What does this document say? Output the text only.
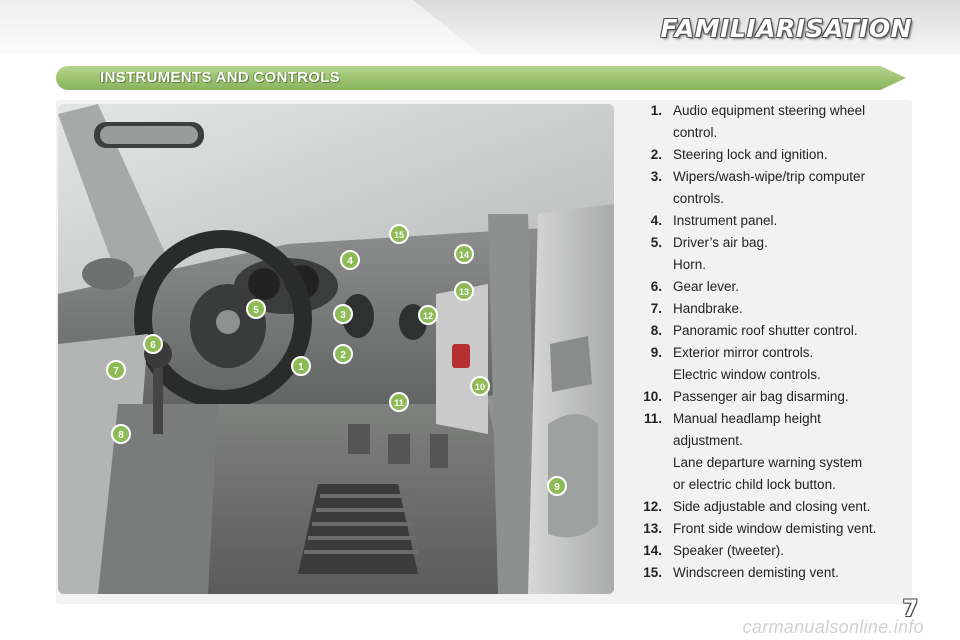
FAMILIARISATION
INSTRUMENTS AND CONTROLS
1
2
3
4
5
6
7
8
9
10
11
12
13
14
15
1. Audio equipment steering wheel
control.
2. Steering lock and ignition.
3. Wipers/wash-wipe/trip computer
controls.
4. Instrument panel.
5. Driver’s air bag.
Horn.
6. Gear lever.
7. Handbrake.
8. Panoramic roof shutter control.
9. Exterior mirror controls.
Electric window controls.
10. Passenger air bag disarming.
11. Manual headlamp height
adjustment.
Lane departure warning system
or electric child lock button.
12. Side adjustable and closing vent.
13. Front side window demisting vent.
14. Speaker (tweeter).
15. Windscreen demisting vent.
7
carmanualsonline.info
